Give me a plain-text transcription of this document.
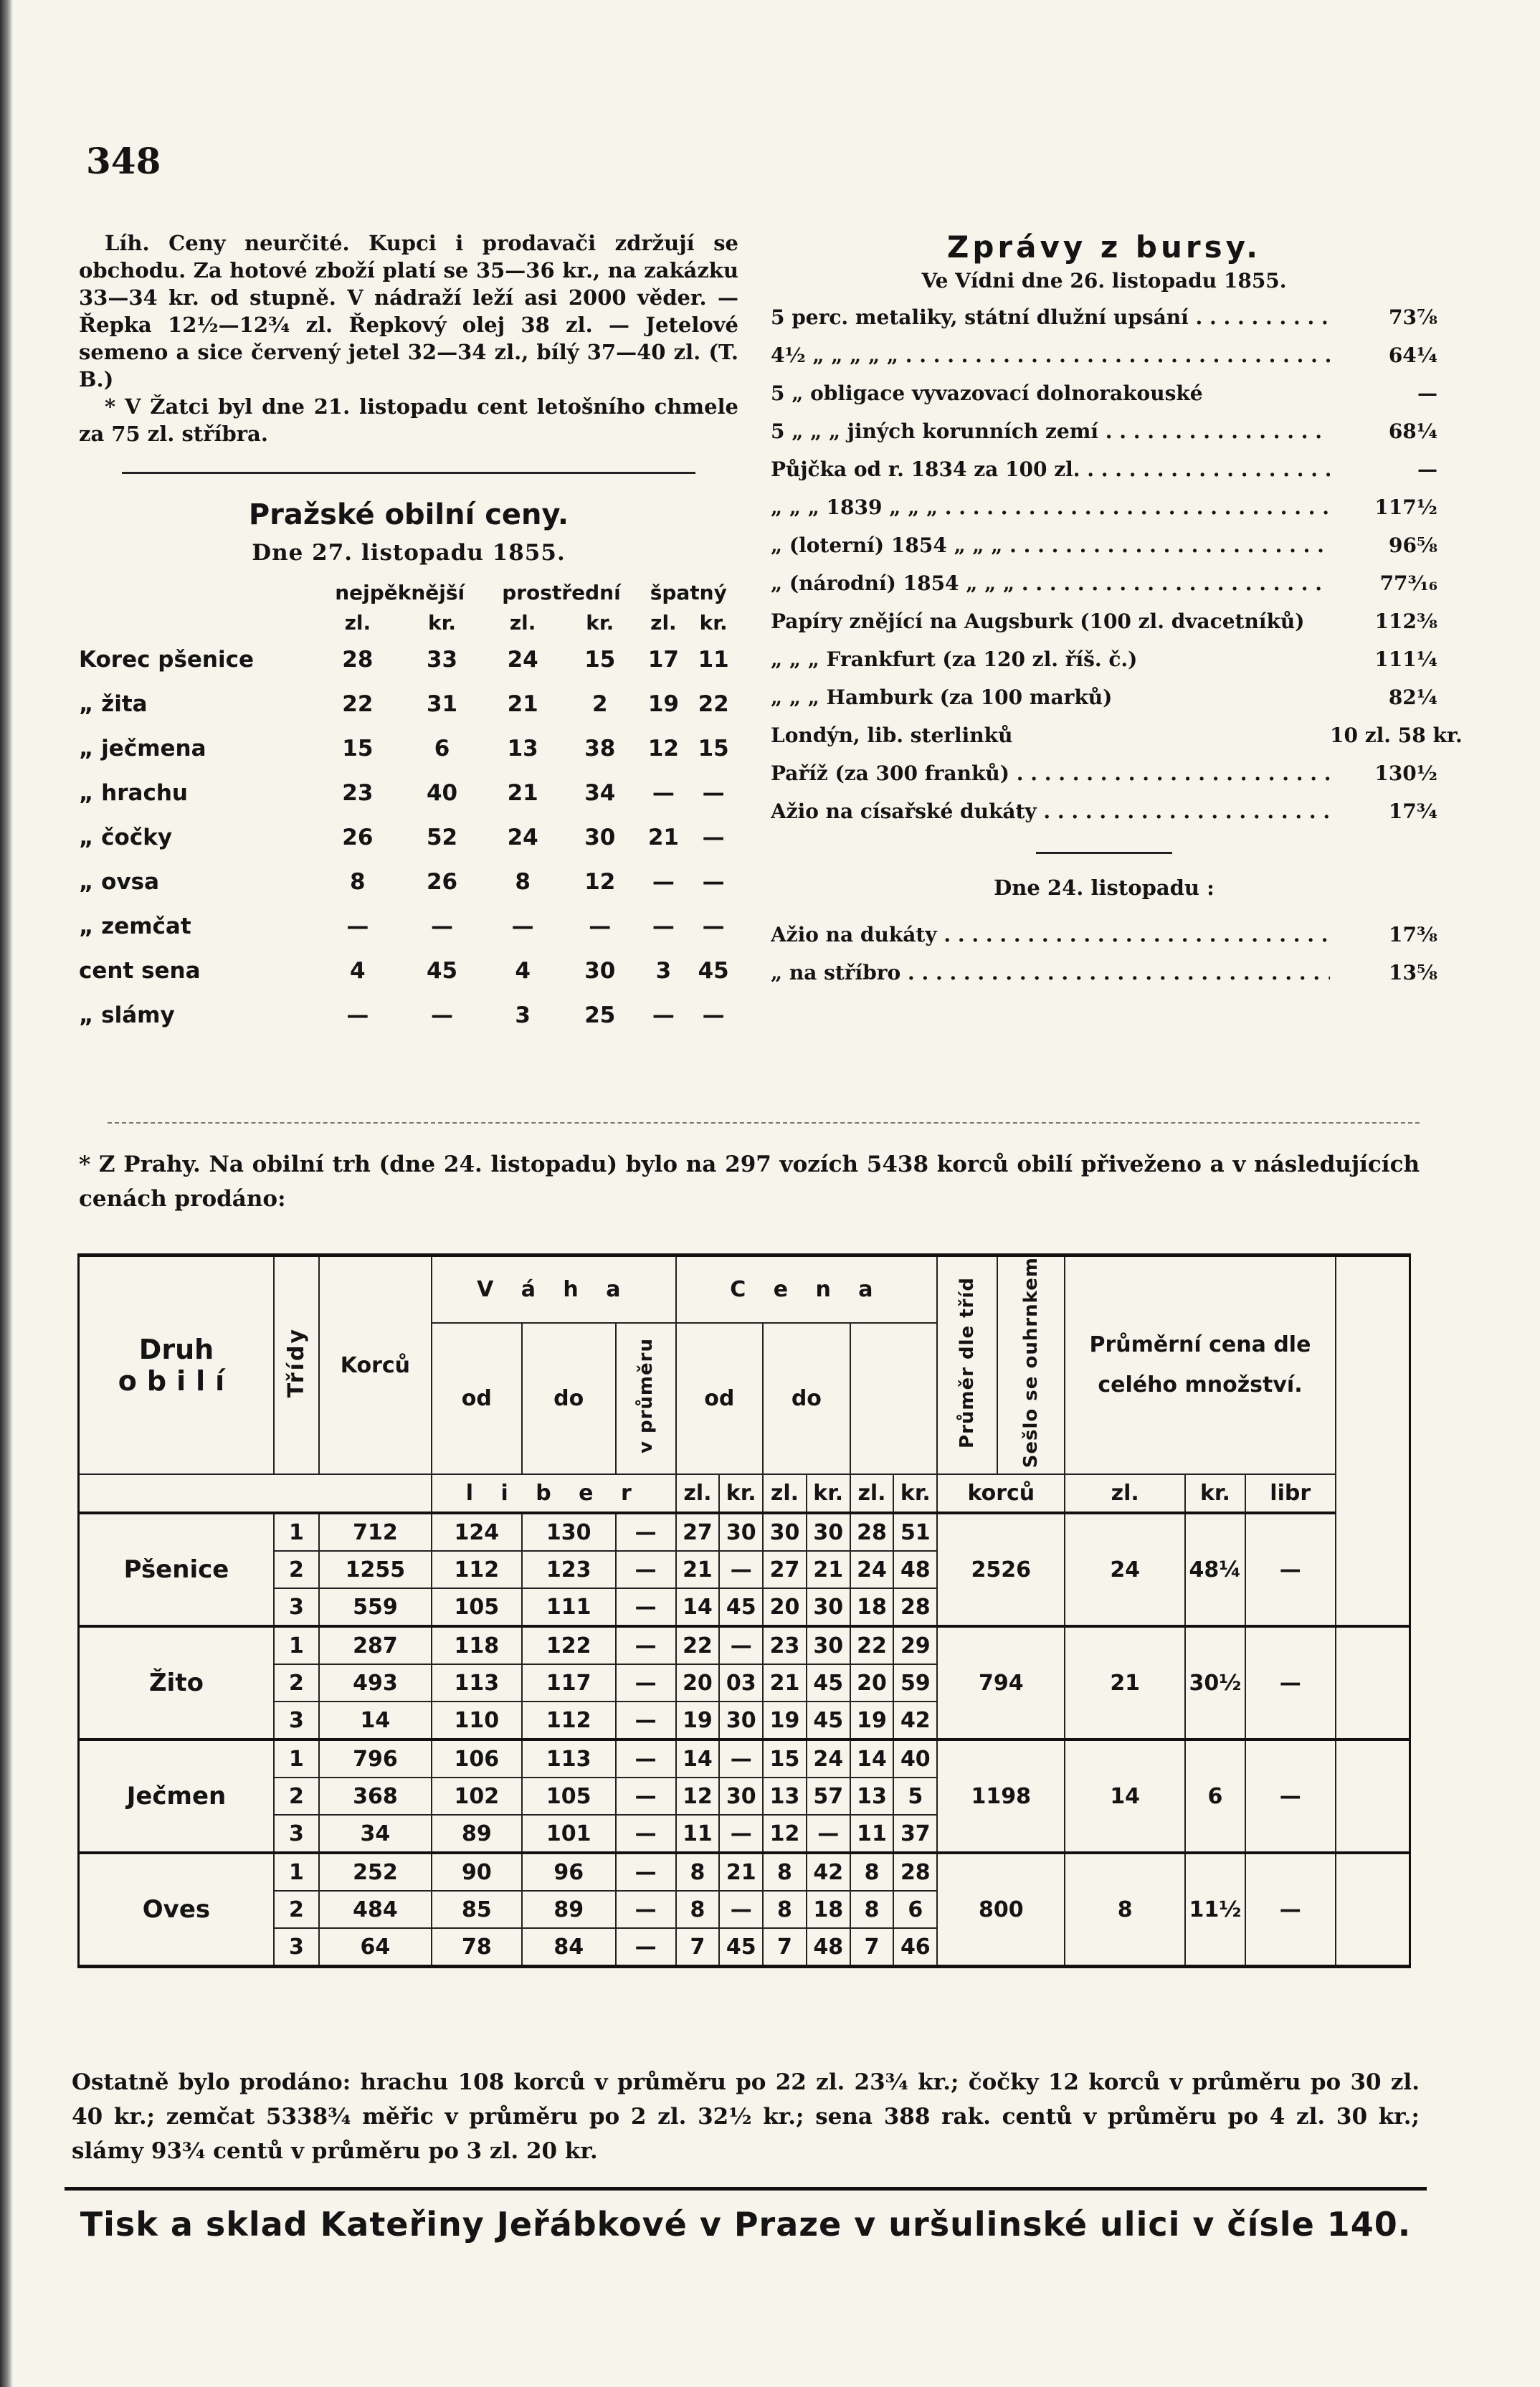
348

Líh. Ceny neurčité. Kupci i prodavači zdržují se obchodu. Za hotové zboží platí se 35—36 kr., na zakázku 33—34 kr. od stupně. V nádraží leží asi 2000 věder. — Řepka 12½—12¾ zl. Řepkový olej 38 zl. — Jetelové semeno a sice červený jetel 32—34 zl., bílý 37—40 zl. (T. B.)

* V Žatci byl dne 21. listopadu cent letošního chmele za 75 zl. stříbra.

Pražské obilní ceny.
Dne 27. listopadu 1855.
	nejpěknější		prostřední		špatný	
	zl.	kr.	zl.	kr.	zl.	kr.
Korec pšenice	28	33	24	15	17	11
„ žita	22	31	21	2	19	22
„ ječmena	15	6	13	38	12	15
„ hrachu	23	40	21	34	—	—
„ čočky	26	52	24	30	21	—
„ ovsa	8	26	8	12	—	—
„ zemčat	—	—	—	—	—	—
cent sena	4	45	4	30	3	45
„ slámy	—	—	3	25	—	—
Zprávy z bursy.
Ve Vídni dne 26. listopadu 1855.
5 perc. metaliky, státní dlužní upsání . . .	73⅞
4½ „ „ „ „ „ . . .	64¼
5 „ obligace vyvazovací dolnorakouské	—
5 „ „ „ jiných korunních zemí . . .	68¼
Půjčka od r. 1834 za 100 zl. . . .	—
„ „ „ 1839 „ „ „ . . .	117½
„ (loterní) 1854 „ „ „ . . .	96⅝
„ (národní) 1854 „ „ „ . . .	77³⁄₁₆
Papíry znějící na Augsburk (100 zl. dvacetníků)	112⅜
„ „ „ Frankfurt (za 120 zl. říš. č.)	111¼
„ „ „ Hamburk (za 100 marků)	82¼
Londýn, lib. sterlinků	10 zl. 58 kr.
Paříž (za 300 franků) . . .	130½
Ažio na císařské dukáty . . .	17¾
Dne 24. listopadu :
Ažio na dukáty . . .	17⅜
„ na stříbro . . .	13⅝

* Z Prahy. Na obilní trh (dne 24. listopadu) bylo na 297 vozích 5438 korců obilí přiveženo a v následujících cenách prodáno:

Druh
obilí	Třídy	Korců	V á h a			C e n a						Průměr dle tříd	Sešlo se ouhrnkem	Průměrní cena dle celého množství.		
			od	do	v průměru	od		do								
			l i b e r			zl.	kr.	zl.	kr.	zl.	kr.	korců		zl.	kr.	libr
Pšenice	1	712	124	130	—	27	30	30	30	28	51	2526		24	48¼	—
	2	1255	112	123	—	21	—	27	21	24	48					
	3	559	105	111	—	14	45	20	30	18	28					
Žito	1	287	118	122	—	22	—	23	30	22	29	794		21	30½	—
	2	493	113	117	—	20	03	21	45	20	59					
	3	14	110	112	—	19	30	19	45	19	42					
Ječmen	1	796	106	113	—	14	—	15	24	14	40	1198		14	6	—
	2	368	102	105	—	12	30	13	57	13	5					
	3	34	89	101	—	11	—	12	—	11	37					
Oves	1	252	90	96	—	8	21	8	42	8	28	800		8	11½	—
	2	484	85	89	—	8	—	8	18	8	6					
	3	64	78	84	—	7	45	7	48	7	46					

Ostatně bylo prodáno: hrachu 108 korců v průměru po 22 zl. 23¾ kr.; čočky 12 korců v průměru po 30 zl. 40 kr.; zemčat 5338¾ měřic v průměru po 2 zl. 32½ kr.; sena 388 rak. centů v průměru po 4 zl. 30 kr.; slámy 93¾ centů v průměru po 3 zl. 20 kr.

Tisk a sklad Kateřiny Jeřábkové v Praze v uršulinské ulici v čísle 140.
